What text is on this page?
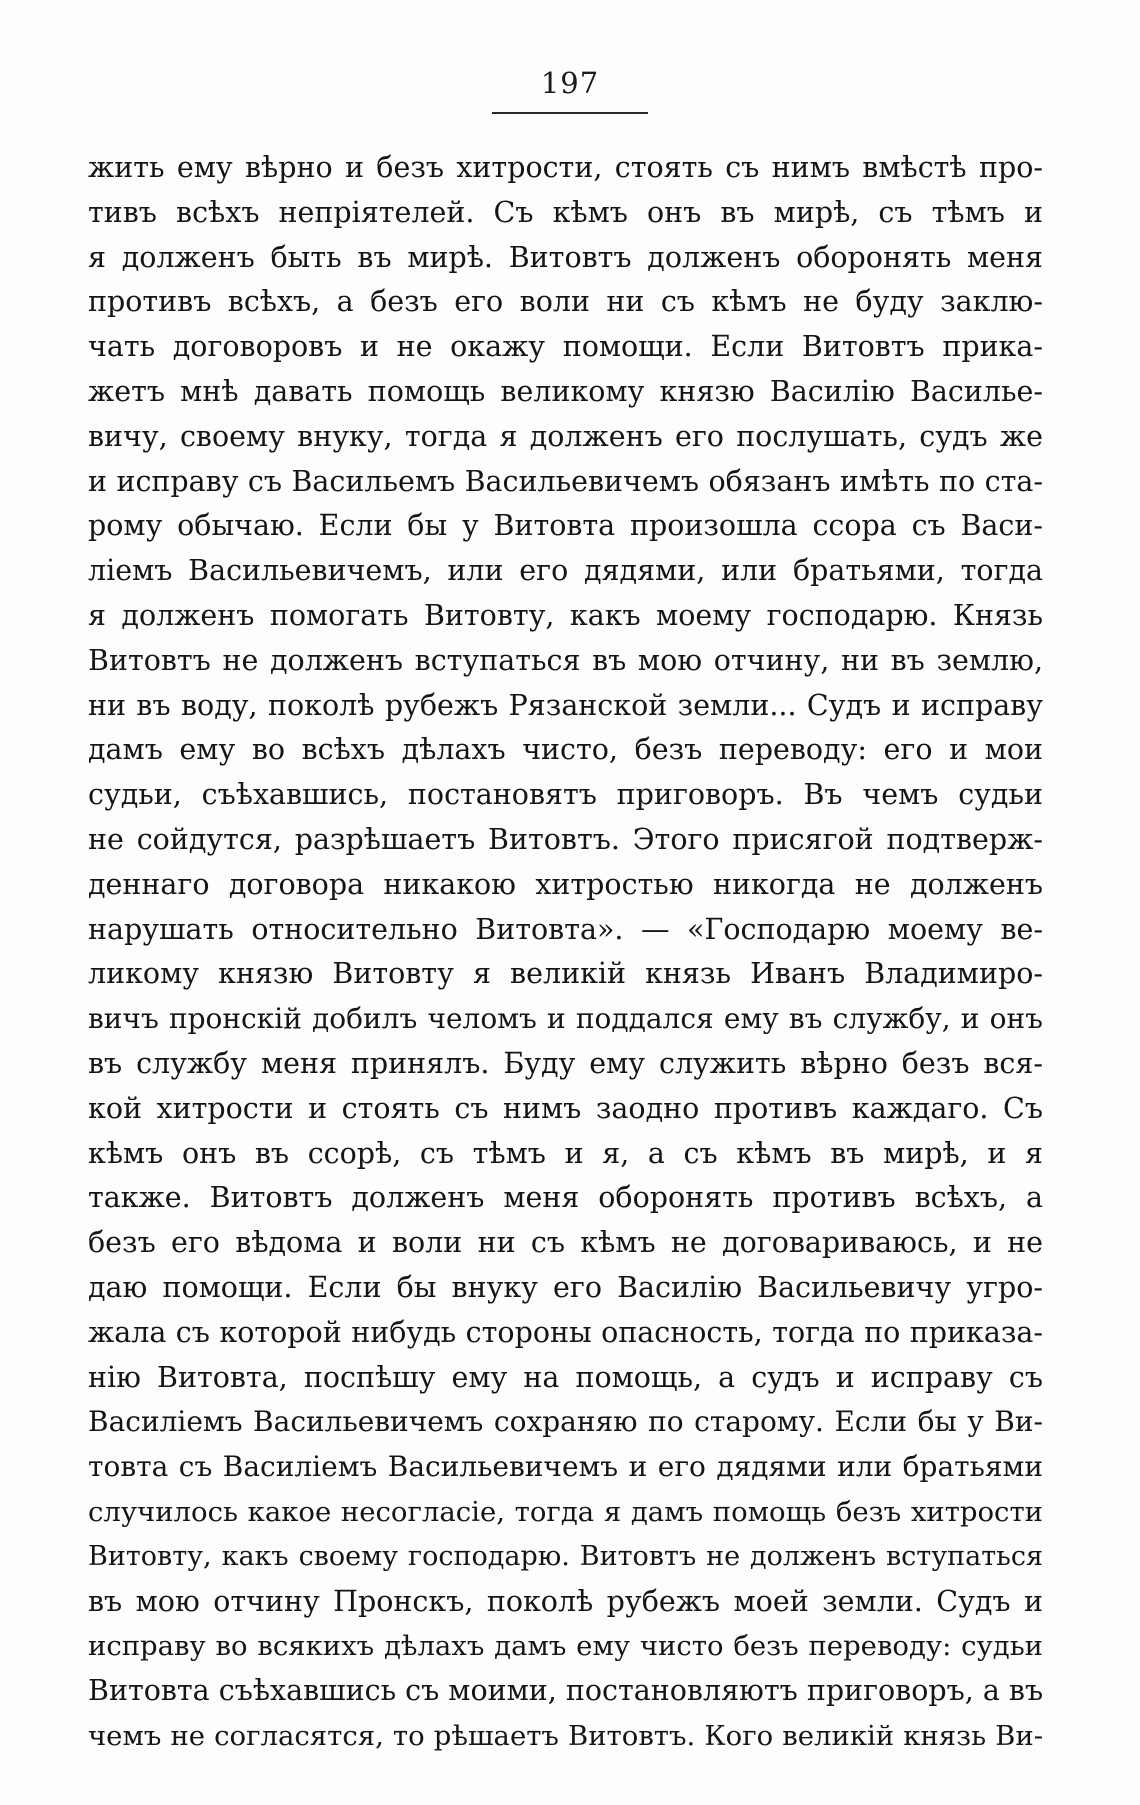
197
жить ему вѣрно и безъ хитрости, стоять съ нимъ вмѣстѣ про-
тивъ всѣхъ непріятелей. Съ кѣмъ онъ въ мирѣ, съ тѣмъ и
я долженъ быть въ мирѣ. Витовтъ долженъ оборонять меня
противъ всѣхъ, а безъ его воли ни съ кѣмъ не буду заклю-
чать договоровъ и не окажу помощи. Если Витовтъ прика-
жетъ мнѣ давать помощь великому князю Василію Василье-
вичу, своему внуку, тогда я долженъ его послушать, судъ же
и исправу съ Васильемъ Васильевичемъ обязанъ имѣть по ста-
рому обычаю. Если бы у Витовта произошла ссора съ Васи-
ліемъ Васильевичемъ, или его дядями, или братьями, тогда
я долженъ помогать Витовту, какъ моему господарю. Князь
Витовтъ не долженъ вступаться въ мою отчину, ни въ землю,
ни въ воду, поколѣ рубежъ Рязанской земли... Судъ и исправу
дамъ ему во всѣхъ дѣлахъ чисто, безъ переводу: его и мои
судьи, съѣхавшись, постановятъ приговоръ. Въ чемъ судьи
не сойдутся, разрѣшаетъ Витовтъ. Этого присягой подтверж-
деннаго договора никакою хитростью никогда не долженъ
нарушать относительно Витовта». — «Господарю моему ве-
ликому князю Витовту я великій князь Иванъ Владимиро-
вичъ пронскій добилъ челомъ и поддался ему въ службу, и онъ
въ службу меня принялъ. Буду ему служить вѣрно безъ вся-
кой хитрости и стоять съ нимъ заодно противъ каждаго. Съ
кѣмъ онъ въ ссорѣ, съ тѣмъ и я, а съ кѣмъ въ мирѣ, и я
также. Витовтъ долженъ меня оборонять противъ всѣхъ, а
безъ его вѣдома и воли ни съ кѣмъ не договариваюсь, и не
даю помощи. Если бы внуку его Василію Васильевичу угро-
жала съ которой нибудь стороны опасность, тогда по приказа-
нію Витовта, поспѣшу ему на помощь, а судъ и исправу съ
Василіемъ Васильевичемъ сохраняю по старому. Если бы у Ви-
товта съ Василіемъ Васильевичемъ и его дядями или братьями
случилось какое несогласіе, тогда я дамъ помощь безъ хитрости
Витовту, какъ своему господарю. Витовтъ не долженъ вступаться
въ мою отчину Пронскъ, поколѣ рубежъ моей земли. Судъ и
исправу во всякихъ дѣлахъ дамъ ему чисто безъ переводу: судьи
Витовта съѣхавшись съ моими, постановляютъ приговоръ, а въ
чемъ не согласятся, то рѣшаетъ Витовтъ. Кого великій князь Ви-
